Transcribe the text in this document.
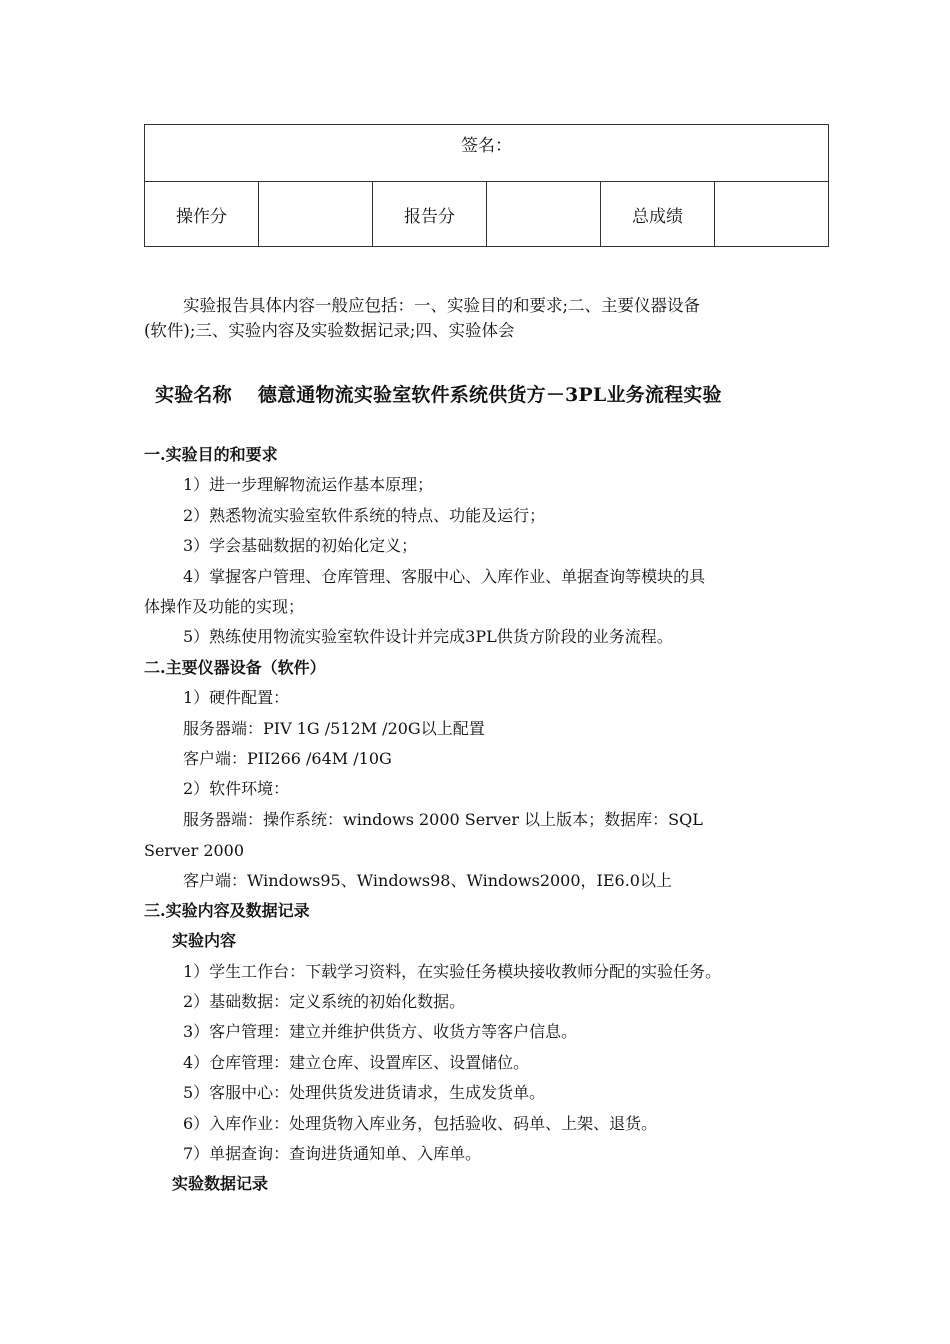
签名：
操作分		报告分		总成绩	
实验报告具体内容一般应包括：一、实验目的和要求;二、主要仪器设备
(软件);三、实验内容及实验数据记录;四、实验体会
实验名称 德意通物流实验室软件系统供货方－3PL业务流程实验
一.实验目的和要求
1）进一步理解物流运作基本原理；
2）熟悉物流实验室软件系统的特点、功能及运行；
3）学会基础数据的初始化定义；
4）掌握客户管理、仓库管理、客服中心、入库作业、单据查询等模块的具
体操作及功能的实现；
5）熟练使用物流实验室软件设计并完成3PL供货方阶段的业务流程。
二.主要仪器设备（软件）
1）硬件配置：
服务器端：PIV 1G /512M /20G以上配置
客户端：PII266 /64M /10G
2）软件环境：
服务器端：操作系统：windows 2000 Server 以上版本；数据库：SQL
Server 2000
客户端：Windows95、Windows98、Windows2000，IE6.0以上
三.实验内容及数据记录
实验内容
1）学生工作台：下载学习资料，在实验任务模块接收教师分配的实验任务。
2）基础数据：定义系统的初始化数据。
3）客户管理：建立并维护供货方、收货方等客户信息。
4）仓库管理：建立仓库、设置库区、设置储位。
5）客服中心：处理供货发进货请求，生成发货单。
6）入库作业：处理货物入库业务，包括验收、码单、上架、退货。
7）单据查询：查询进货通知单、入库单。
实验数据记录
